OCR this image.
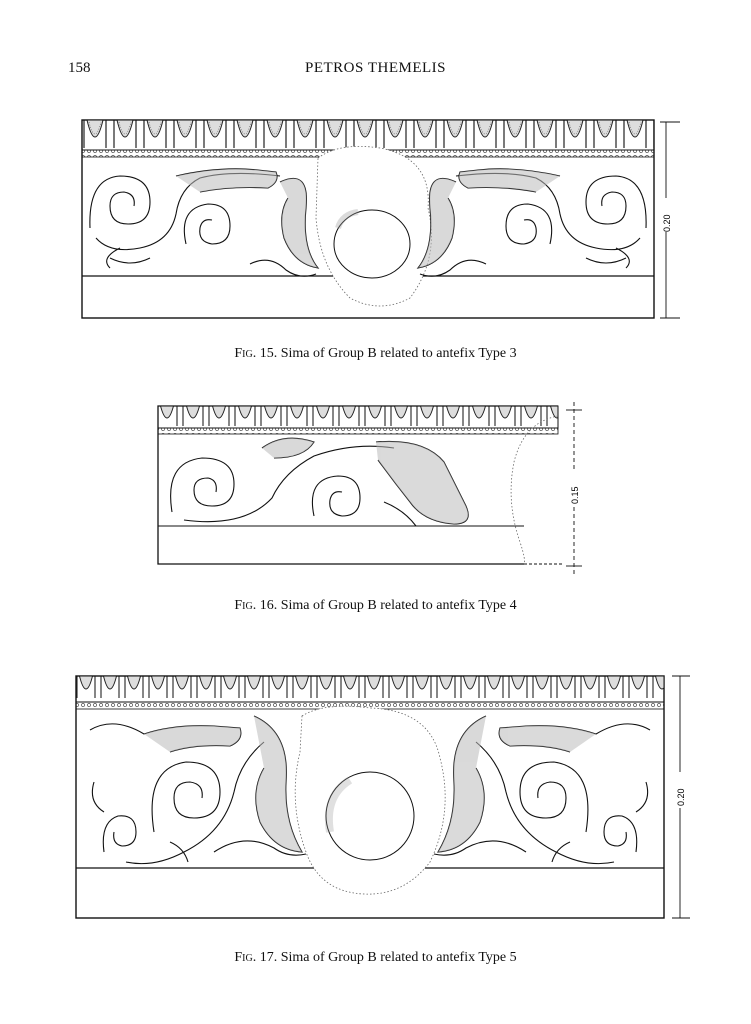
158	PETROS THEMELIS
0.20
Fig. 15. Sima of Group B related to antefix Type 3
0.15
Fig. 16. Sima of Group B related to antefix Type 4
0.20
Fig. 17. Sima of Group B related to antefix Type 5
